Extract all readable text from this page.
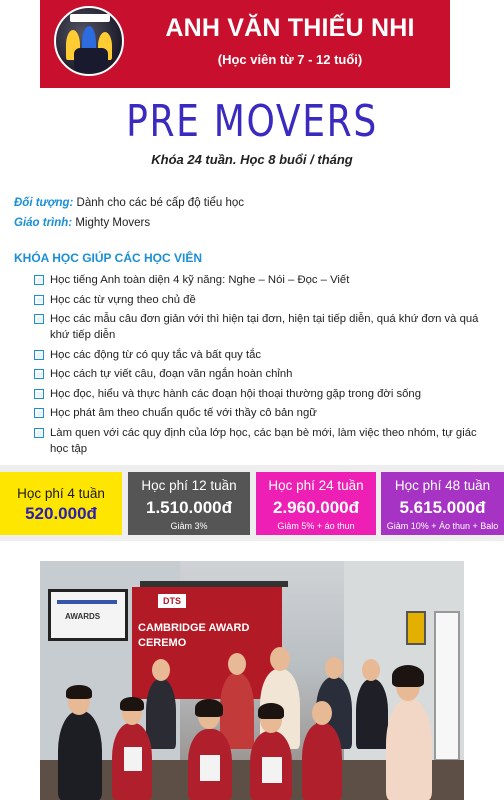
ANH VĂN THIẾU NHI
(Học viên từ 7 - 12 tuổi)
PRE MOVERS
Khóa 24 tuần. Học 8 buổi / tháng
Đối tượng: Dành cho các bé cấp độ tiểu học
Giáo trình: Mighty Movers
KHÓA HỌC GIÚP CÁC HỌC VIÊN
Học tiếng Anh toàn diện 4 kỹ năng: Nghe – Nói – Đọc – Viết
Học các từ vựng theo chủ đề
Học các mẫu câu đơn giản với thì hiện tại đơn, hiện tại tiếp diễn, quá khứ đơn và quá khứ tiếp diễn
Học các động từ có quy tắc và bất quy tắc
Học cách tự viết câu, đoạn văn ngắn hoàn chỉnh
Học đọc, hiểu và thực hành các đoạn hội thoại thường gặp trong đời sống
Học phát âm theo chuẩn quốc tế với thầy cô bản ngữ
Làm quen với các quy định của lớp học, các bạn bè mới, làm việc theo nhóm, tự giác học tập
Học phí 4 tuần
520.000đ
Học phí 12 tuần
1.510.000đ
Giảm 3%
Học phí 24 tuần
2.960.000đ
Giảm 5% + áo thun
Học phí 48 tuần
5.615.000đ
Giảm 10% + Áo thun + Balo
AWARDS
DTS
CAMBRIDGE AWARD
CEREMO
